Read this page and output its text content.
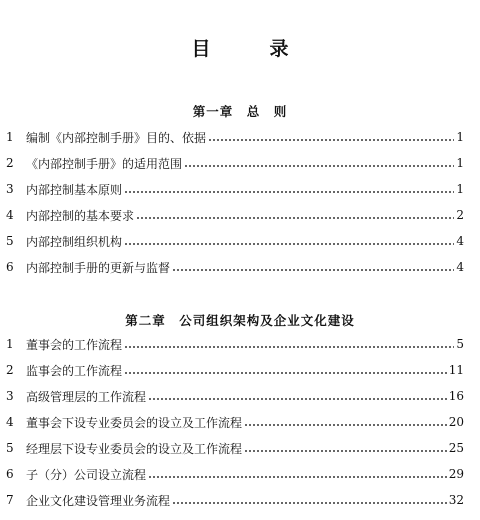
目　录
第一章　总　则
1	编制《内部控制手册》目的、依据	1
2	《内部控制手册》的适用范围	1
3	内部控制基本原则	1
4	内部控制的基本要求	2
5	内部控制组织机构	4
6	内部控制手册的更新与监督	4
第二章　公司组织架构及企业文化建设
1	董事会的工作流程	5
2	监事会的工作流程	11
3	高级管理层的工作流程	16
4	董事会下设专业委员会的设立及工作流程	20
5	经理层下设专业委员会的设立及工作流程	25
6	子（分）公司设立流程	29
7	企业文化建设管理业务流程	32
